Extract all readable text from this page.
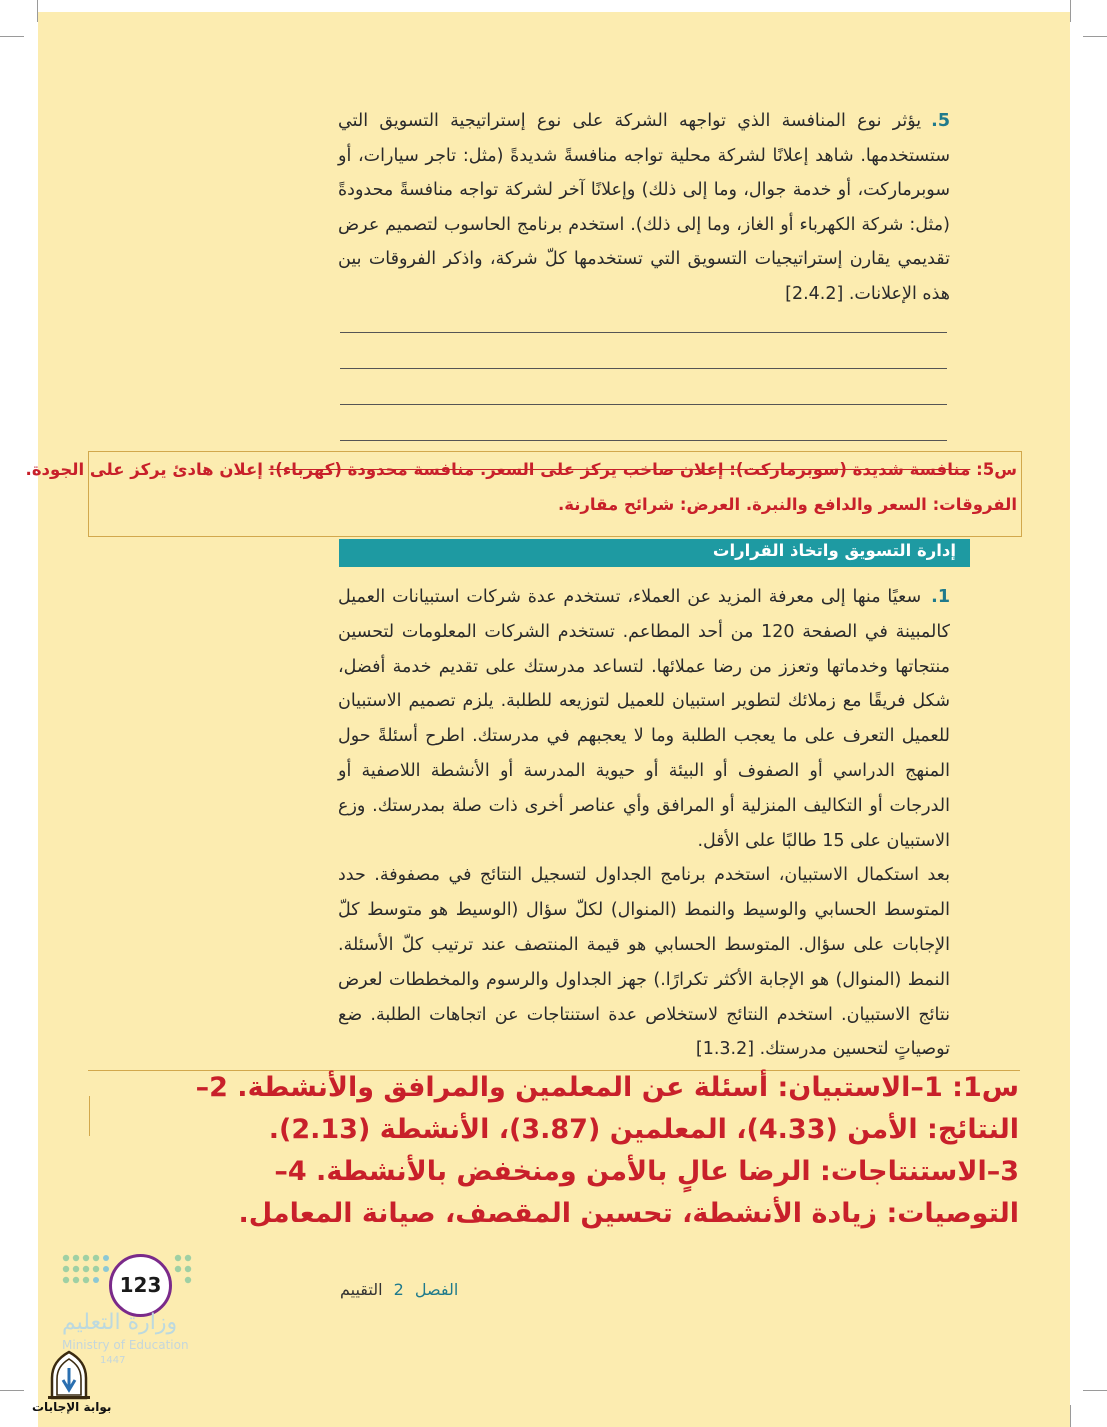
5.يؤثر نوع المنافسة الذي تواجهه الشركة على نوع إستراتيجية التسويق التي ستستخدمها. شاهد إعلانًا لشركة محلية تواجه منافسةً شديدةً (مثل: تاجر سيارات، أو سوبرماركت، أو خدمة جوال، وما إلى ذلك) وإعلانًا آخر لشركة تواجه منافسةً محدودةً (مثل: شركة الكهرباء أو الغاز، وما إلى ذلك). استخدم برنامج الحاسوب لتصميم عرض تقديمي يقارن إستراتيجيات التسويق التي تستخدمها كلّ شركة، واذكر الفروقات بين هذه الإعلانات. [2.4.2]
س5: منافسة شديدة (سوبرماركت): إعلان صاخب يركز على السعر. منافسة محدودة (كهرباء): إعلان هادئ يركز على الجودة.
الفروقات: السعر والدافع والنبرة. العرض: شرائح مقارنة.
إدارة التسويق واتخاذ القرارات
1.سعيًا منها إلى معرفة المزيد عن العملاء، تستخدم عدة شركات استبيانات العميل كالمبينة في الصفحة 120 من أحد المطاعم. تستخدم الشركات المعلومات لتحسين منتجاتها وخدماتها وتعزز من رضا عملائها. لتساعد مدرستك على تقديم خدمة أفضل، شكل فريقًا مع زملائك لتطوير استبيان للعميل لتوزيعه للطلبة. يلزم تصميم الاستبيان للعميل التعرف على ما يعجب الطلبة وما لا يعجبهم في مدرستك. اطرح أسئلةً حول المنهج الدراسي أو الصفوف أو البيئة أو حيوية المدرسة أو الأنشطة اللاصفية أو الدرجات أو التكاليف المنزلية أو المرافق وأي عناصر أخرى ذات صلة بمدرستك. وزع الاستبيان على 15 طالبًا على الأقل.
بعد استكمال الاستبيان، استخدم برنامج الجداول لتسجيل النتائج في مصفوفة. حدد المتوسط الحسابي والوسيط والنمط (المنوال) لكلّ سؤال (الوسيط هو متوسط كلّ الإجابات على سؤال. المتوسط الحسابي هو قيمة المنتصف عند ترتيب كلّ الأسئلة. النمط (المنوال) هو الإجابة الأكثر تكرارًا.) جهز الجداول والرسوم والمخططات لعرض نتائج الاستبيان. استخدم النتائج لاستخلاص عدة استنتاجات عن اتجاهات الطلبة. ضع توصياتٍ لتحسين مدرستك. [1.3.2]

س1: 1–الاستبيان: أسئلة عن المعلمين والمرافق والأنشطة. 2–النتائج: الأمن (4.33)، المعلمين (3.87)، الأنشطة (2.13).

3–الاستنتاجات: الرضا عالٍ بالأمن ومنخفض بالأنشطة. 4–التوصيات: زيادة الأنشطة، تحسين المقصف، صيانة المعامل.

الفصل 2 التقييم
123
وزارة التعليم
Ministry of Education
1447
بوابة الإجابات
